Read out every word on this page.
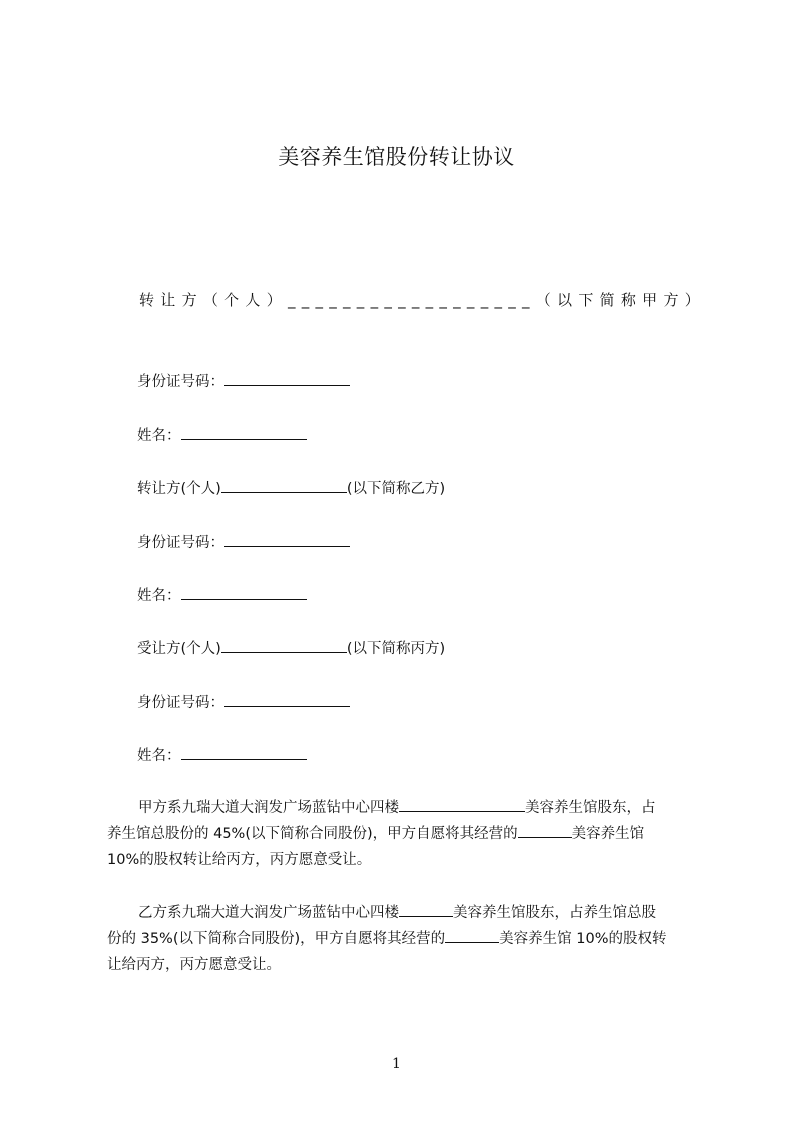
美容养生馆股份转让协议
转 让 方 （ 个 人 ） _ _ _ _ _ _ _ _ _ _ _ _ _ _ _ _ _ _ （ 以 下 简 称 甲 方 ）
身份证号码：
姓名：
转让方(个人)	(以下简称乙方)
身份证号码：
姓名：
受让方(个人)	(以下简称丙方)
身份证号码：
姓名：
甲方系九瑞大道大润发广场蓝钻中心四楼	美容养生馆股东，占
养生馆总股份的 45%(以下简称合同股份)，甲方自愿将其经营的	美容养生馆
10%的股权转让给丙方，丙方愿意受让。
乙方系九瑞大道大润发广场蓝钻中心四楼	美容养生馆股东，占养生馆总股
份的 35%(以下简称合同股份)，甲方自愿将其经营的	美容养生馆 10%的股权转
让给丙方，丙方愿意受让。
1
